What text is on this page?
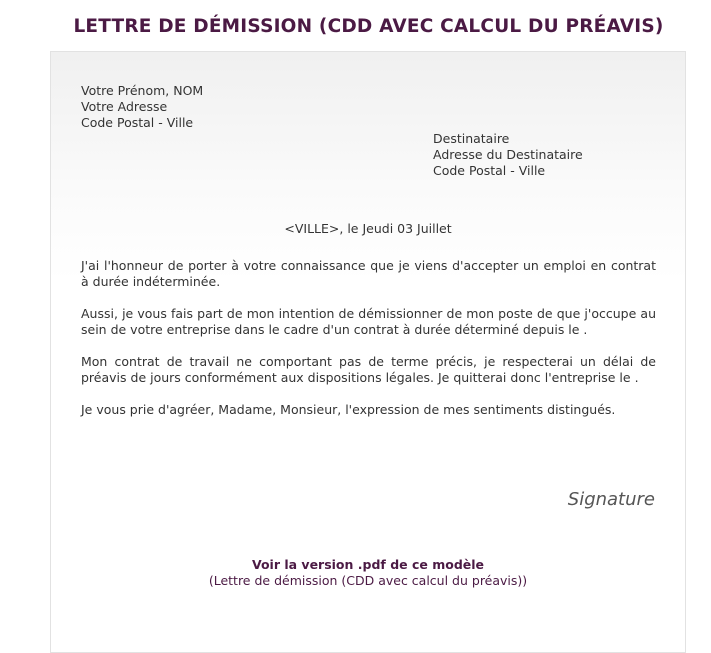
LETTRE DE DÉMISSION (CDD AVEC CALCUL DU PRÉAVIS)
Votre Prénom, NOM
Votre Adresse
Code Postal - Ville
Destinataire
Adresse du Destinataire
Code Postal - Ville
<VILLE>, le Jeudi 03 Juillet

J'ai l'honneur de porter à votre connaissance que je viens d'accepter un emploi en contrat à durée indéterminée.

Aussi, je vous fais part de mon intention de démissionner de mon poste de que j'occupe au sein de votre entreprise dans le cadre d'un contrat à durée déterminé depuis le .

Mon contrat de travail ne comportant pas de terme précis, je respecterai un délai de préavis de jours conformément aux dispositions légales. Je quitterai donc l'entreprise le .

Je vous prie d'agréer, Madame, Monsieur, l'expression de mes sentiments distingués.

Signature
Voir la version .pdf de ce modèle
(Lettre de démission (CDD avec calcul du préavis))
